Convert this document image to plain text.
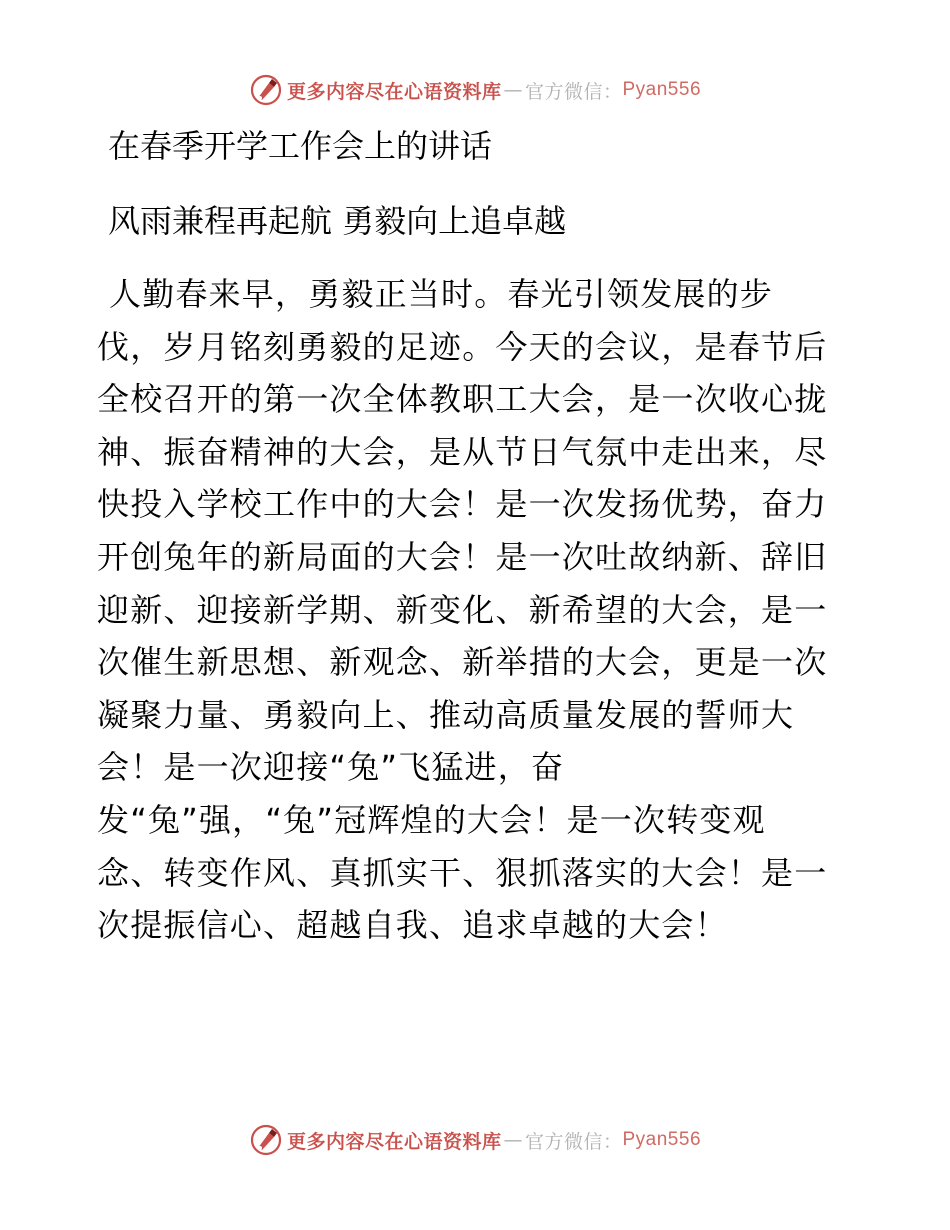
更多内容尽在心语资料库 — 官方微信： Pyan556
在春季开学工作会上的讲话
风雨兼程再起航 勇毅向上追卓越
人勤春来早，勇毅正当时。春光引领发展的步
伐，岁月铭刻勇毅的足迹。今天的会议，是春节后
全校召开的第一次全体教职工大会，是一次收心拢
神、振奋精神的大会，是从节日气氛中走出来，尽
快投入学校工作中的大会！是一次发扬优势，奋力
开创兔年的新局面的大会！是一次吐故纳新、辞旧
迎新、迎接新学期、新变化、新希望的大会，是一
次催生新思想、新观念、新举措的大会，更是一次
凝聚力量、勇毅向上、推动高质量发展的誓师大
会！是一次迎接“兔”飞猛进，奋
发“兔”强，“兔”冠辉煌的大会！是一次转变观
念、转变作风、真抓实干、狠抓落实的大会！是一
次提振信心、超越自我、追求卓越的大会！
更多内容尽在心语资料库 — 官方微信： Pyan556
